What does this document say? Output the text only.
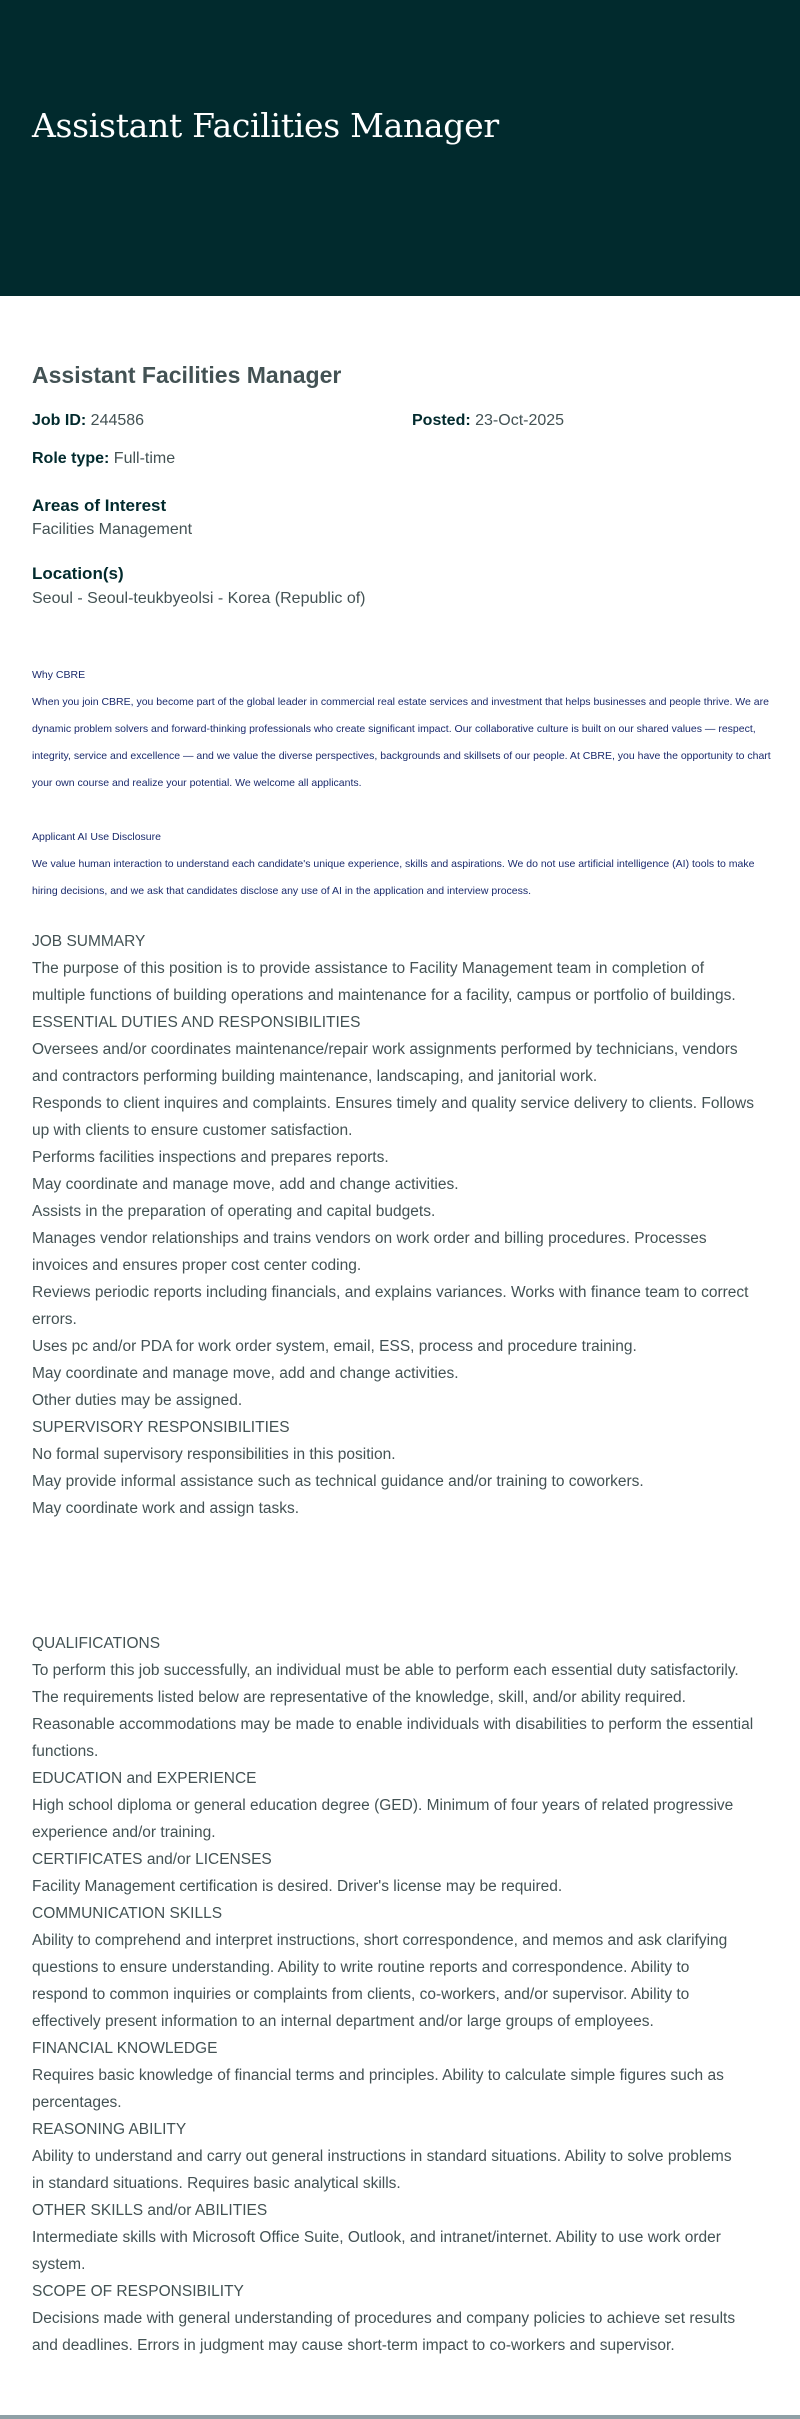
Assistant Facilities Manager
Assistant Facilities Manager
Job ID: 244586	Posted: 23-Oct-2025
Role type: Full-time
Areas of Interest
Facilities Management
Location(s)
Seoul - Seoul-teukbyeolsi - Korea (Republic of)
Why CBRE
When you join CBRE, you become part of the global leader in commercial real estate services and investment that helps businesses and people thrive. We are
dynamic problem solvers and forward-thinking professionals who create significant impact. Our collaborative culture is built on our shared values — respect,
integrity, service and excellence — and we value the diverse perspectives, backgrounds and skillsets of our people. At CBRE, you have the opportunity to chart
your own course and realize your potential. We welcome all applicants.
Applicant AI Use Disclosure
We value human interaction to understand each candidate's unique experience, skills and aspirations. We do not use artificial intelligence (AI) tools to make
hiring decisions, and we ask that candidates disclose any use of AI in the application and interview process.

JOB SUMMARY

The purpose of this position is to provide assistance to Facility Management team in completion of

multiple functions of building operations and maintenance for a facility, campus or portfolio of buildings.

ESSENTIAL DUTIES AND RESPONSIBILITIES

Oversees and/or coordinates maintenance/repair work assignments performed by technicians, vendors

and contractors performing building maintenance, landscaping, and janitorial work.

Responds to client inquires and complaints. Ensures timely and quality service delivery to clients. Follows

up with clients to ensure customer satisfaction.

Performs facilities inspections and prepares reports.

May coordinate and manage move, add and change activities.

Assists in the preparation of operating and capital budgets.

Manages vendor relationships and trains vendors on work order and billing procedures. Processes

invoices and ensures proper cost center coding.

Reviews periodic reports including financials, and explains variances. Works with finance team to correct

errors.

Uses pc and/or PDA for work order system, email, ESS, process and procedure training.

May coordinate and manage move, add and change activities.

Other duties may be assigned.

SUPERVISORY RESPONSIBILITIES

No formal supervisory responsibilities in this position.

May provide informal assistance such as technical guidance and/or training to coworkers.

May coordinate work and assign tasks.

QUALIFICATIONS

To perform this job successfully, an individual must be able to perform each essential duty satisfactorily.

The requirements listed below are representative of the knowledge, skill, and/or ability required.

Reasonable accommodations may be made to enable individuals with disabilities to perform the essential

functions.

EDUCATION and EXPERIENCE

High school diploma or general education degree (GED). Minimum of four years of related progressive

experience and/or training.

CERTIFICATES and/or LICENSES

Facility Management certification is desired. Driver's license may be required.

COMMUNICATION SKILLS

Ability to comprehend and interpret instructions, short correspondence, and memos and ask clarifying

questions to ensure understanding. Ability to write routine reports and correspondence. Ability to

respond to common inquiries or complaints from clients, co-workers, and/or supervisor. Ability to

effectively present information to an internal department and/or large groups of employees.

FINANCIAL KNOWLEDGE

Requires basic knowledge of financial terms and principles. Ability to calculate simple figures such as

percentages.

REASONING ABILITY

Ability to understand and carry out general instructions in standard situations. Ability to solve problems

in standard situations. Requires basic analytical skills.

OTHER SKILLS and/or ABILITIES

Intermediate skills with Microsoft Office Suite, Outlook, and intranet/internet. Ability to use work order

system.

SCOPE OF RESPONSIBILITY

Decisions made with general understanding of procedures and company policies to achieve set results

and deadlines. Errors in judgment may cause short-term impact to co-workers and supervisor.
